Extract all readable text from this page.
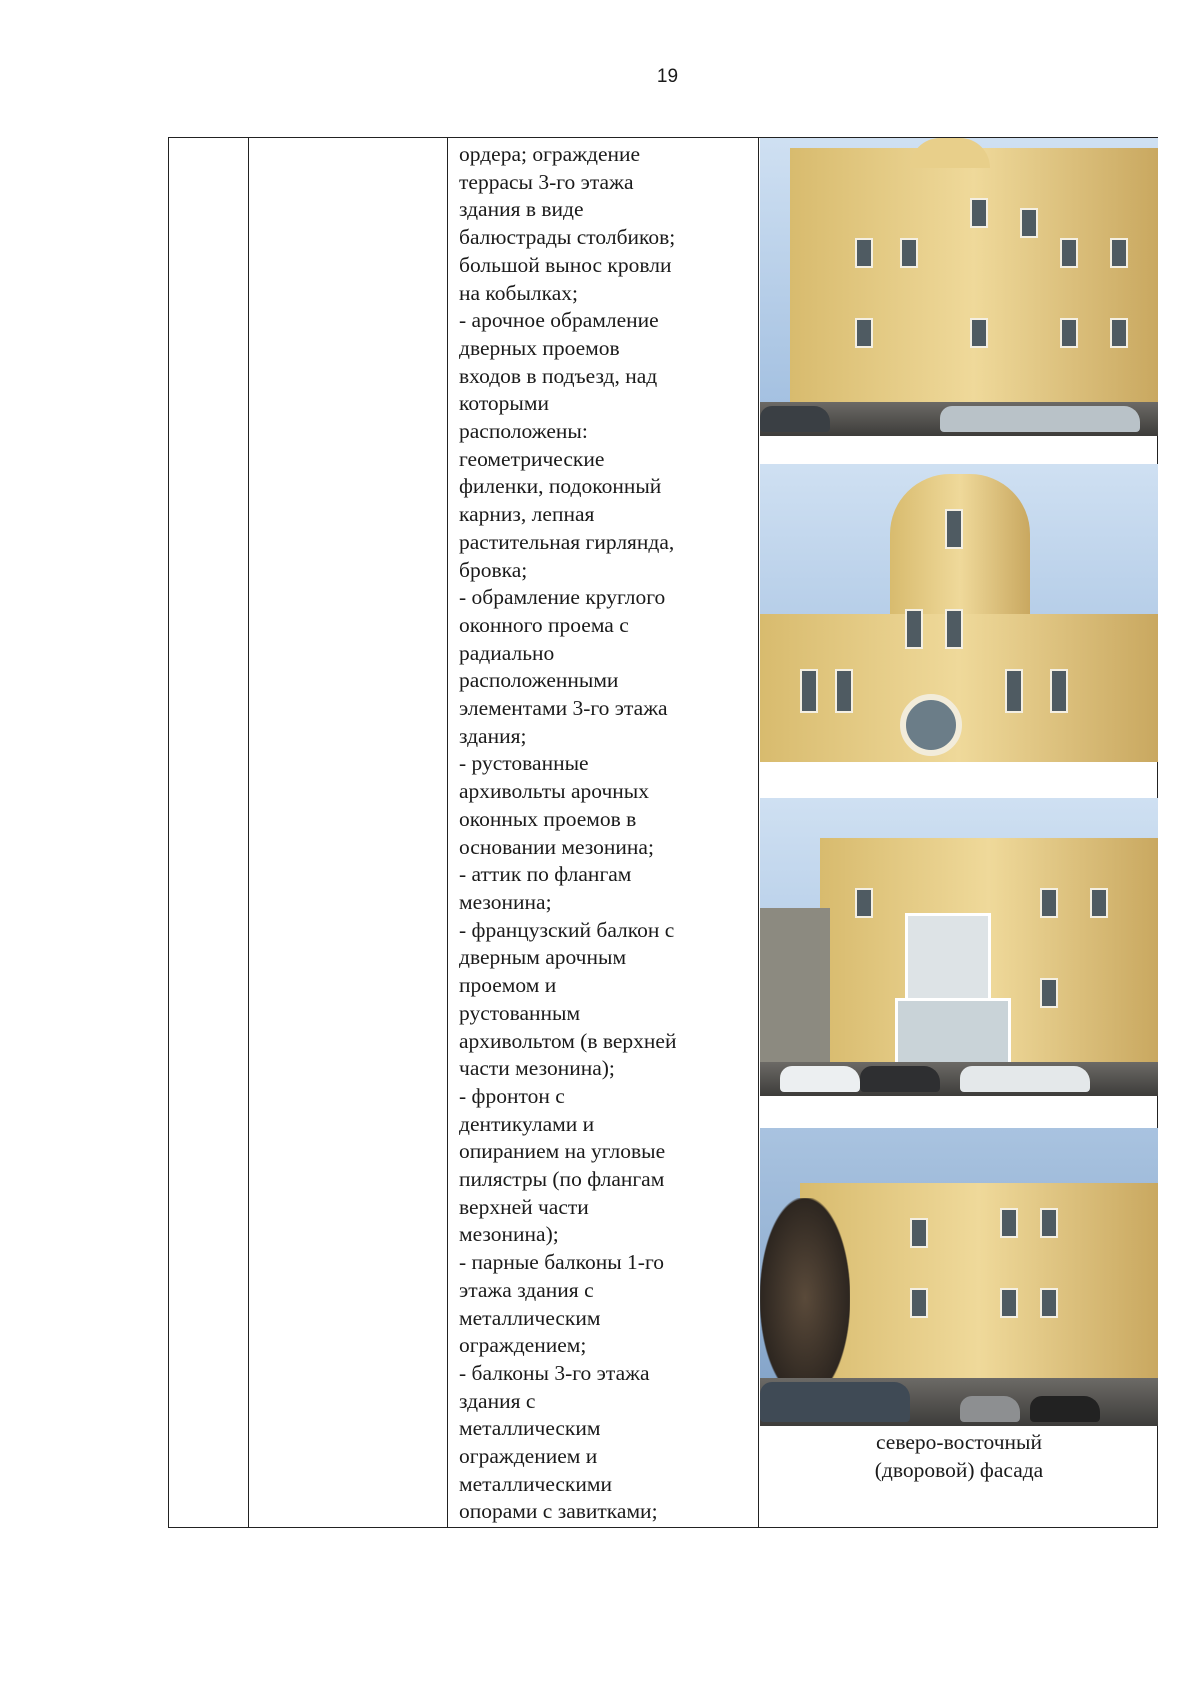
19
ордера; ограждение
террасы 3-го этажа
здания в виде
балюстрады столбиков;
большой вынос кровли
на кобылках;
- арочное обрамление
дверных проемов
входов в подъезд, над
которыми
расположены:
геометрические
филенки, подоконный
карниз, лепная
растительная гирлянда,
бровка;
- обрамление круглого
оконного проема с
радиально
расположенными
элементами 3-го этажа
здания;
- рустованные
архивольты арочных
оконных проемов в
основании мезонина;
- аттик по флангам
мезонина;
- французский балкон с
дверным арочным
проемом и
рустованным
архивольтом (в верхней
части мезонина);
- фронтон с
дентикулами и
опиранием на угловые
пилястры (по флангам
верхней части
мезонина);
- парные балконы 1-го
этажа здания с
металлическим
ограждением;
- балконы 3-го этажа
здания с
металлическим
ограждением и
металлическими
опорами с завитками;
северо-восточный
(дворовой) фасада
